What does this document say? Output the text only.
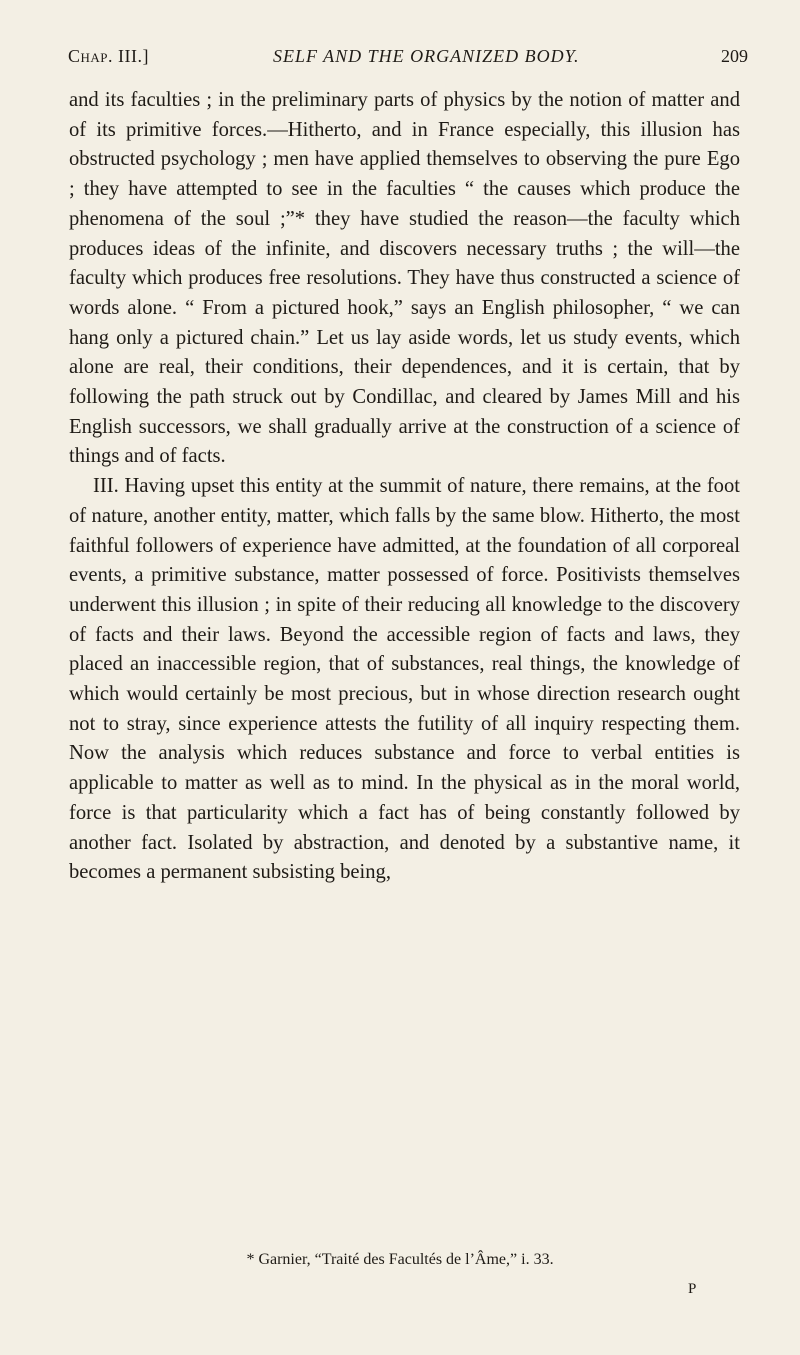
Chap. III.]	SELF AND THE ORGANIZED BODY.	209

and its faculties ; in the preliminary parts of physics by the notion of matter and of its primitive forces.—Hitherto, and in France especially, this illusion has obstructed psychology ; men have applied themselves to observing the pure Ego ; they have attempted to see in the faculties “ the causes which produce the phenomena of the soul ;”* they have studied the reason—the faculty which produces ideas of the infinite, and discovers necessary truths ; the will—the faculty which produces free resolutions. They have thus constructed a science of words alone. “ From a pictured hook,” says an English philosopher, “ we can hang only a pictured chain.” Let us lay aside words, let us study events, which alone are real, their conditions, their dependences, and it is certain, that by following the path struck out by Condillac, and cleared by James Mill and his English successors, we shall gradually arrive at the construction of a science of things and of facts.

III. Having upset this entity at the summit of nature, there remains, at the foot of nature, another entity, matter, which falls by the same blow. Hitherto, the most faithful followers of experience have admitted, at the foundation of all corporeal events, a primitive substance, matter possessed of force. Positivists themselves underwent this illusion ; in spite of their reducing all knowledge to the discovery of facts and their laws. Beyond the accessible region of facts and laws, they placed an inaccessible region, that of substances, real things, the knowledge of which would certainly be most precious, but in whose direction research ought not to stray, since experience attests the futility of all inquiry respecting them. Now the analysis which reduces substance and force to verbal entities is applicable to matter as well as to mind. In the physical as in the moral world, force is that particularity which a fact has of being constantly followed by another fact. Isolated by abstraction, and denoted by a substantive name, it becomes a permanent subsisting being,

* Garnier, “Traité des Facultés de l’Âme,” i. 33.
P
